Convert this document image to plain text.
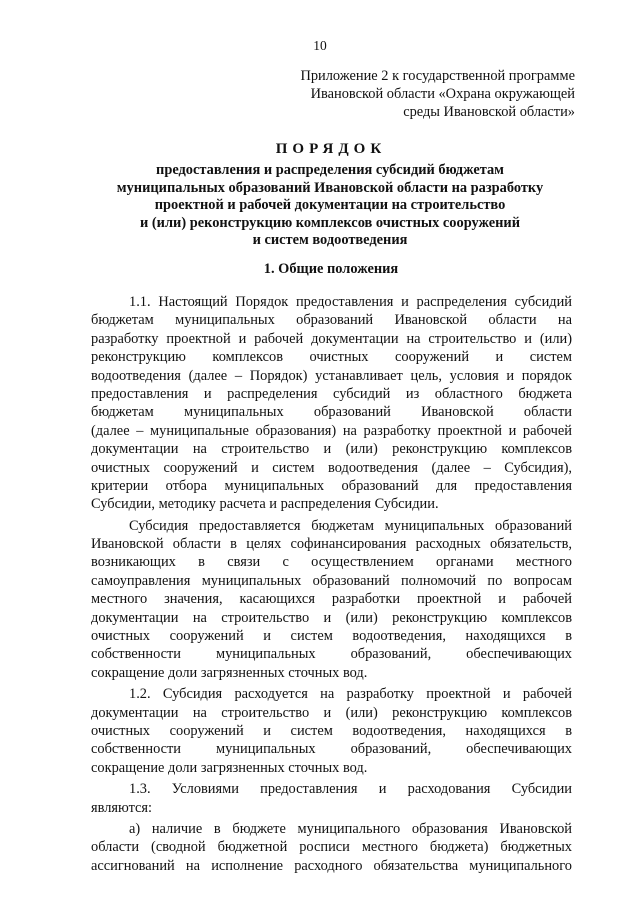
10
Приложение 2 к государственной программе
Ивановской области «Охрана окружающей
среды Ивановской области»
ПОРЯДОК
предоставления и распределения субсидий бюджетам
муниципальных образований Ивановской области на разработку
проектной и рабочей документации на строительство
и (или) реконструкцию комплексов очистных сооружений
и систем водоотведения
1. Общие положения
1.1. Настоящий Порядок предоставления и распределения субсидий
бюджетам муниципальных образований Ивановской области на
разработку проектной и рабочей документации на строительство и (или)
реконструкцию комплексов очистных сооружений и систем
водоотведения (далее – Порядок) устанавливает цель, условия и порядок
предоставления и распределения субсидий из областного бюджета
бюджетам муниципальных образований Ивановской области
(далее – муниципальные образования) на разработку проектной и рабочей
документации на строительство и (или) реконструкцию комплексов
очистных сооружений и систем водоотведения (далее – Субсидия),
критерии отбора муниципальных образований для предоставления
Субсидии, методику расчета и распределения Субсидии.
Субсидия предоставляется бюджетам муниципальных образований
Ивановской области в целях софинансирования расходных обязательств,
возникающих в связи с осуществлением органами местного
самоуправления муниципальных образований полномочий по вопросам
местного значения, касающихся разработки проектной и рабочей
документации на строительство и (или) реконструкцию комплексов
очистных сооружений и систем водоотведения, находящихся в
собственности муниципальных образований, обеспечивающих
сокращение доли загрязненных сточных вод.
1.2. Субсидия расходуется на разработку проектной и рабочей
документации на строительство и (или) реконструкцию комплексов
очистных сооружений и систем водоотведения, находящихся в
собственности муниципальных образований, обеспечивающих
сокращение доли загрязненных сточных вод.
1.3. Условиями предоставления и расходования Субсидии
являются:
а) наличие в бюджете муниципального образования Ивановской
области (сводной бюджетной росписи местного бюджета) бюджетных
ассигнований на исполнение расходного обязательства муниципального
